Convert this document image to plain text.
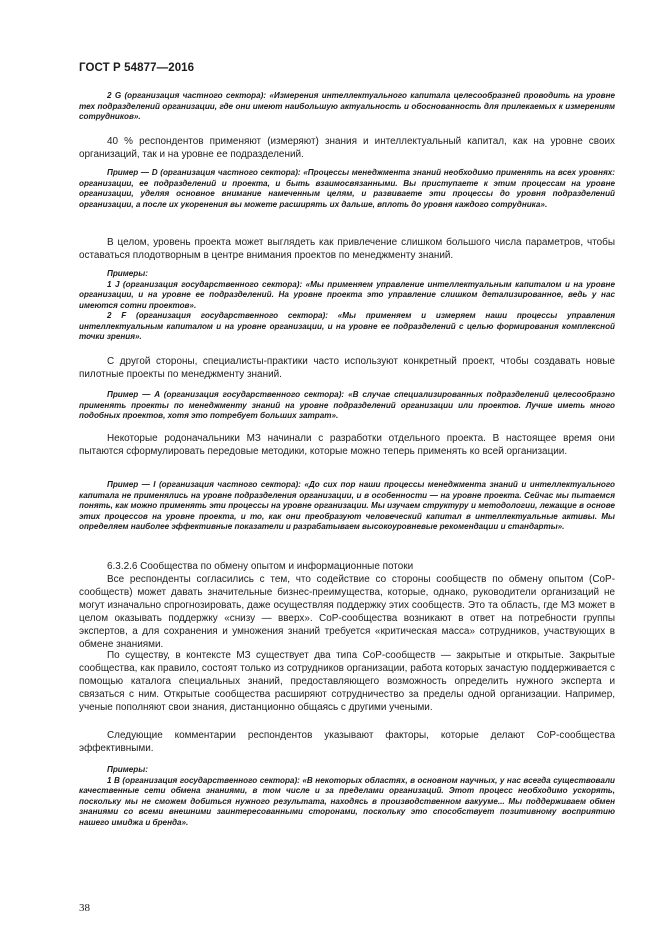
ГОСТ Р 54877—2016

2 G (организация частного сектора): «Измерения интеллектуального капитала целесообразней проводить на уровне тех подразделений организации, где они имеют наибольшую актуальность и обоснованность для прилекаемых к измерениям сотрудников».

40 % респондентов применяют (измеряют) знания и интеллектуальный капитал, как на уровне своих организаций, так и на уровне ее подразделений.

Пример — D (организация частного сектора): «Процессы менеджмента знаний необходимо применять на всех уровнях: организации, ее подразделений и проекта, и быть взаимосвязанными. Вы приступаете к этим процессам на уровне организации, уделяя основное внимание намеченным целям, и развиваете эти процессы до уровня подразделений организации, а после их укоренения вы можете расширять их дальше, вплоть до уровня каждого сотрудника».

В целом, уровень проекта может выглядеть как привлечение слишком большого числа параметров, чтобы оставаться плодотворным в центре внимания проектов по менеджменту знаний.

Примеры:

1 J (организация государственного сектора): «Мы применяем управление интеллектуальным капиталом и на уровне организации, и на уровне ее подразделений. На уровне проекта это управление слишком детализированное, ведь у нас имеются сотни проектов».

2 F (организация государственного сектора): «Мы применяем и измеряем наши процессы управления интеллектуальным капиталом и на уровне организации, и на уровне ее подразделений с целью формирования комплексной точки зрения».

С другой стороны, специалисты-практики часто используют конкретный проект, чтобы создавать новые пилотные проекты по менеджменту знаний.

Пример — A (организация государственного сектора): «В случае специализированных подразделений целесообразно применять проекты по менеджменту знаний на уровне подразделений организации или проектов. Лучше иметь много подобных проектов, хотя это потребует больших затрат».

Некоторые родоначальники МЗ начинали с разработки отдельного проекта. В настоящее время они пытаются сформулировать передовые методики, которые можно теперь применять ко всей организации.

Пример — I (организация частного сектора): «До сих пор наши процессы менеджмента знаний и интеллектуального капитала не применялись на уровне подразделения организации, и в особенности — на уровне проекта. Сейчас мы пытаемся понять, как можно применять эти процессы на уровне организации. Мы изучаем структуру и методологии, лежащие в основе этих процессов на уровне проекта, и то, как они преобразуют человеческий капитал в интеллектуальные активы. Мы определяем наиболее эффективные показатели и разрабатываем высокоуровневые рекомендации и стандарты».

6.3.2.6 Сообщества по обмену опытом и информационные потоки

Все респонденты согласились с тем, что содействие со стороны сообществ по обмену опытом (CoP-сообществ) может давать значительные бизнес-преимущества, которые, однако, руководители организаций не могут изначально спрогнозировать, даже осуществляя поддержку этих сообществ. Это та область, где МЗ может в целом оказывать поддержку «снизу — вверх». CoP-сообщества возникают в ответ на потребности группы экспертов, а для сохранения и умножения знаний требуется «критическая масса» сотрудников, участвующих в обмене знаниями.

По существу, в контексте МЗ существует два типа CoP-сообществ — закрытые и открытые. Закрытые сообщества, как правило, состоят только из сотрудников организации, работа которых зачастую поддерживается с помощью каталога специальных знаний, предоставляющего возможность определить нужного эксперта и связаться с ним. Открытые сообщества расширяют сотрудничество за пределы одной организации. Например, ученые пополняют свои знания, дистанционно общаясь с другими учеными.

Следующие комментарии респондентов указывают факторы, которые делают CoP-сообщества эффективными.

Примеры:

1 B (организация государственного сектора): «В некоторых областях, в основном научных, у нас всегда существовали качественные сети обмена знаниями, в том числе и за пределами организаций. Этот процесс необходимо ускорять, поскольку мы не сможем добиться нужного результата, находясь в производственном вакууме... Мы поддерживаем обмен знаниями со всеми внешними заинтересованными сторонами, поскольку это способствует позитивному восприятию нашего имиджа и бренда».

38
